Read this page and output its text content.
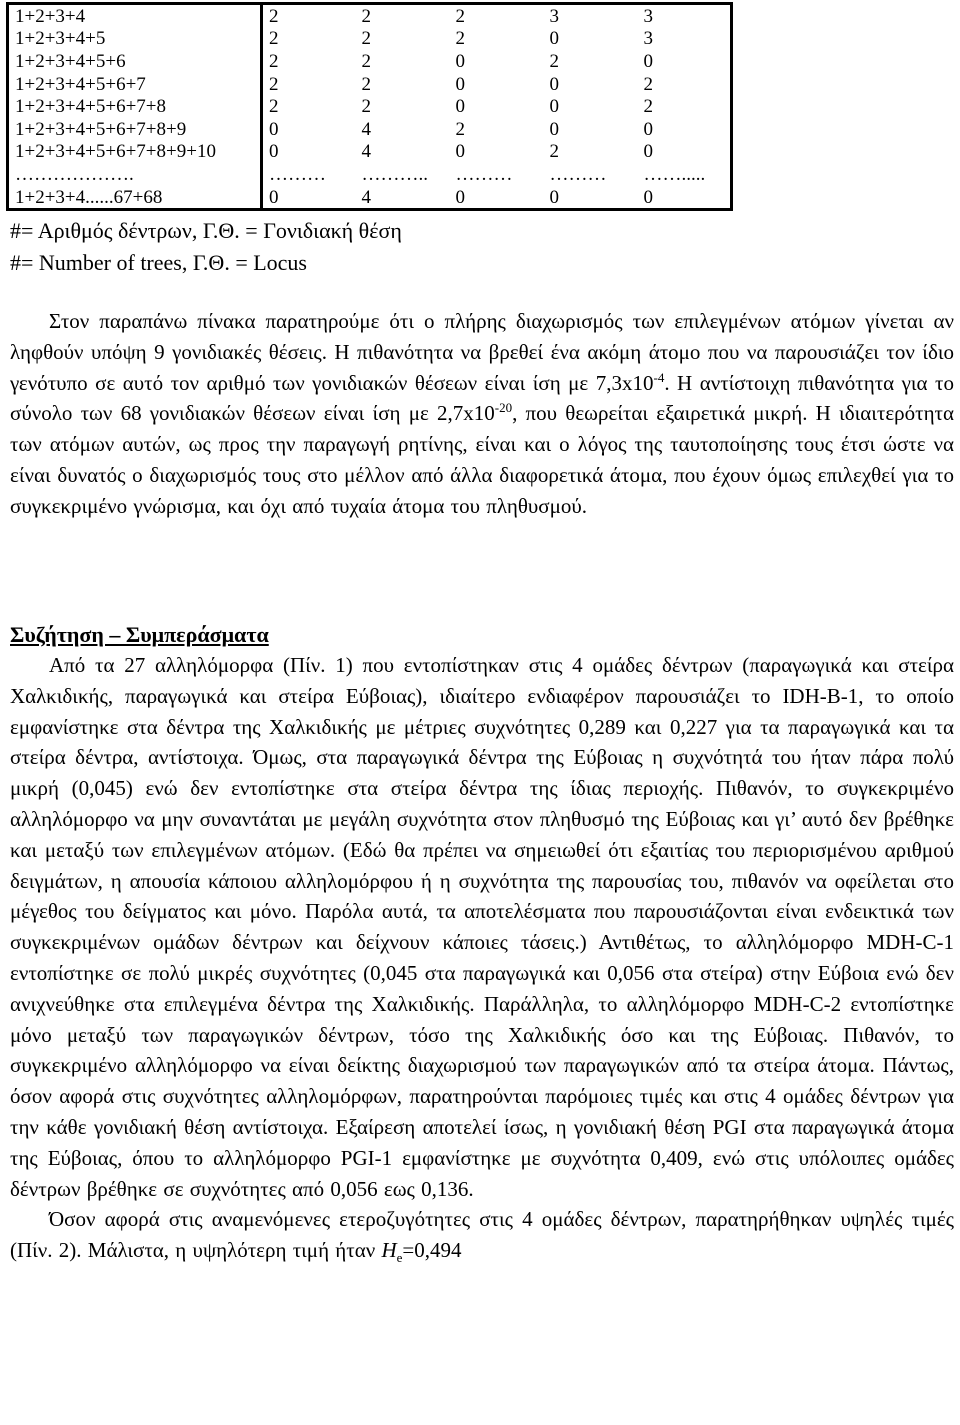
1+2+3+4	2	2	2	3	3
1+2+3+4+5	2	2	2	0	3
1+2+3+4+5+6	2	2	0	2	0
1+2+3+4+5+6+7	2	2	0	0	2
1+2+3+4+5+6+7+8	2	2	0	0	2
1+2+3+4+5+6+7+8+9	0	4	2	0	0
1+2+3+4+5+6+7+8+9+10	0	4	0	2	0
……………….	………	………..	………	………	…….....
1+2+3+4......67+68	0	4	0	0	0
#= Αριθμός δέντρων, Γ.Θ. = Γονιδιακή θέση
#= Number of trees, Γ.Θ. = Locus
Στον παραπάνω πίνακα παρατηρούμε ότι ο πλήρης διαχωρισμός των επιλεγμένων ατόμων γίνεται αν ληφθούν υπόψη 9 γονιδιακές θέσεις. Η πιθανότητα να βρεθεί ένα ακόμη άτομο που να παρουσιάζει τον ίδιο γενότυπο σε αυτό τον αριθμό των γονιδιακών θέσεων είναι ίση με $7,3x10^{-4}$. Η αντίστοιχη πιθανότητα για το σύνολο των 68 γονιδιακών θέσεων είναι ίση με $2,7x10^{-20}$, που θεωρείται εξαιρετικά μικρή. Η ιδιαιτερότητα των ατόμων αυτών, ως προς την παραγωγή ρητίνης, είναι και ο λόγος της ταυτοποίησης τους έτσι ώστε να είναι δυνατός ο διαχωρισμός τους στο μέλλον από άλλα διαφορετικά άτομα, που έχουν όμως επιλεχθεί για το συγκεκριμένο γνώρισμα, και όχι από τυχαία άτομα του πληθυσμού.
Συζήτηση – Συμπεράσματα
Από τα 27 αλληλόμορφα (Πίν. 1) που εντοπίστηκαν στις 4 ομάδες δέντρων (παραγωγικά και στείρα Χαλκιδικής, παραγωγικά και στείρα Εύβοιας), ιδιαίτερο ενδιαφέρον παρουσιάζει το IDH-B-1, το οποίο εμφανίστηκε στα δέντρα της Χαλκιδικής με μέτριες συχνότητες 0,289 και 0,227 για τα παραγωγικά και τα στείρα δέντρα, αντίστοιχα. Όμως, στα παραγωγικά δέντρα της Εύβοιας η συχνότητά του ήταν πάρα πολύ μικρή (0,045) ενώ δεν εντοπίστηκε στα στείρα δέντρα της ίδιας περιοχής. Πιθανόν, το συγκεκριμένο αλληλόμορφο να μην συναντάται με μεγάλη συχνότητα στον πληθυσμό της Εύβοιας και γι’ αυτό δεν βρέθηκε και μεταξύ των επιλεγμένων ατόμων. (Εδώ θα πρέπει να σημειωθεί ότι εξαιτίας του περιορισμένου αριθμού δειγμάτων, η απουσία κάποιου αλληλομόρφου ή η συχνότητα της παρουσίας του, πιθανόν να οφείλεται στο μέγεθος του δείγματος και μόνο. Παρόλα αυτά, τα αποτελέσματα που παρουσιάζονται είναι ενδεικτικά των συγκεκριμένων ομάδων δέντρων και δείχνουν κάποιες τάσεις.) Αντιθέτως, το αλληλόμορφο MDH-C-1 εντοπίστηκε σε πολύ μικρές συχνότητες (0,045 στα παραγωγικά και 0,056 στα στείρα) στην Εύβοια ενώ δεν ανιχνεύθηκε στα επιλεγμένα δέντρα της Χαλκιδικής. Παράλληλα, το αλληλόμορφο MDH-C-2 εντοπίστηκε μόνο μεταξύ των παραγωγικών δέντρων, τόσο της Χαλκιδικής όσο και της Εύβοιας. Πιθανόν, το συγκεκριμένο αλληλόμορφο να είναι δείκτης διαχωρισμού των παραγωγικών από τα στείρα άτομα. Πάντως, όσον αφορά στις συχνότητες αλληλομόρφων, παρατηρούνται παρόμοιες τιμές και στις 4 ομάδες δέντρων για την κάθε γονιδιακή θέση αντίστοιχα. Εξαίρεση αποτελεί ίσως, η γονιδιακή θέση PGI στα παραγωγικά άτομα της Εύβοιας, όπου το αλληλόμορφο PGI-1 εμφανίστηκε με συχνότητα 0,409, ενώ στις υπόλοιπες ομάδες δέντρων βρέθηκε σε συχνότητες από 0,056 εως 0,136.
Όσον αφορά στις αναμενόμενες ετεροζυγότητες στις 4 ομάδες δέντρων, παρατηρήθηκαν υψηλές τιμές (Πίν. 2). Μάλιστα, η υψηλότερη τιμή ήταν $H_e=0,494$
